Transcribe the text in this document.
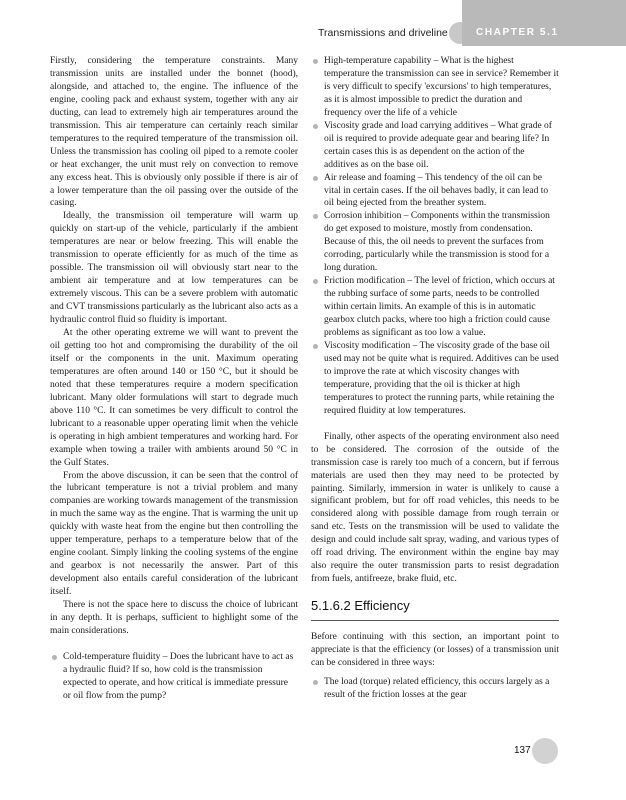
Transmissions and driveline	CHAPTER 5.1

Firstly, considering the temperature constraints. Many transmission units are installed under the bonnet (hood), alongside, and attached to, the engine. The influence of the engine, cooling pack and exhaust system, together with any air ducting, can lead to extremely high air temperatures around the transmission. This air temperature can certainly reach similar temperatures to the required temperature of the transmission oil. Unless the transmission has cooling oil piped to a remote cooler or heat exchanger, the unit must rely on convection to remove any excess heat. This is obviously only possible if there is air of a lower temperature than the oil passing over the outside of the casing.

Ideally, the transmission oil temperature will warm up quickly on start-up of the vehicle, particularly if the ambient temperatures are near or below freezing. This will enable the transmission to operate efficiently for as much of the time as possible. The transmission oil will obviously start near to the ambient air temperature and at low temperatures can be extremely viscous. This can be a severe problem with automatic and CVT transmissions particularly as the lubricant also acts as a hydraulic control fluid so fluidity is important.

At the other operating extreme we will want to prevent the oil getting too hot and compromising the durability of the oil itself or the components in the unit. Maximum operating temperatures are often around 140 or 150 °C, but it should be noted that these temperatures require a modern specification lubricant. Many older formulations will start to degrade much above 110 °C. It can sometimes be very difficult to control the lubricant to a reasonable upper operating limit when the vehicle is operating in high ambient temperatures and working hard. For example when towing a trailer with ambients around 50 °C in the Gulf States.

From the above discussion, it can be seen that the control of the lubricant temperature is not a trivial problem and many companies are working towards management of the transmission in much the same way as the engine. That is warming the unit up quickly with waste heat from the engine but then controlling the upper temperature, perhaps to a temperature below that of the engine coolant. Simply linking the cooling systems of the engine and gearbox is not necessarily the answer. Part of this development also entails careful consideration of the lubricant itself.

There is not the space here to discuss the choice of lubricant in any depth. It is perhaps, sufficient to highlight some of the main considerations.

Cold-temperature fluidity – Does the lubricant have to act as a hydraulic fluid? If so, how cold is the transmission expected to operate, and how critical is immediate pressure or oil flow from the pump?
High-temperature capability – What is the highest temperature the transmission can see in service? Remember it is very difficult to specify 'excursions' to high temperatures, as it is almost impossible to predict the duration and frequency over the life of a vehicle
Viscosity grade and load carrying additives – What grade of oil is required to provide adequate gear and bearing life? In certain cases this is as dependent on the action of the additives as on the base oil.
Air release and foaming – This tendency of the oil can be vital in certain cases. If the oil behaves badly, it can lead to oil being ejected from the breather system.
Corrosion inhibition – Components within the transmission do get exposed to moisture, mostly from condensation. Because of this, the oil needs to prevent the surfaces from corroding, particularly while the transmission is stood for a long duration.
Friction modification – The level of friction, which occurs at the rubbing surface of some parts, needs to be controlled within certain limits. An example of this is in automatic gearbox clutch packs, where too high a friction could cause problems as significant as too low a value.
Viscosity modification – The viscosity grade of the base oil used may not be quite what is required. Additives can be used to improve the rate at which viscosity changes with temperature, providing that the oil is thicker at high temperatures to protect the running parts, while retaining the required fluidity at low temperatures.

Finally, other aspects of the operating environment also need to be considered. The corrosion of the outside of the transmission case is rarely too much of a concern, but if ferrous materials are used then they may need to be protected by painting. Similarly, immersion in water is unlikely to cause a significant problem, but for off road vehicles, this needs to be considered along with possible damage from rough terrain or sand etc. Tests on the transmission will be used to validate the design and could include salt spray, wading, and various types of off road driving. The environment within the engine bay may also require the outer transmission parts to resist degradation from fuels, antifreeze, brake fluid, etc.

5.1.6.2 Efficiency

Before continuing with this section, an important point to appreciate is that the efficiency (or losses) of a transmission unit can be considered in three ways:

The load (torque) related efficiency, this occurs largely as a result of the friction losses at the gear
137
